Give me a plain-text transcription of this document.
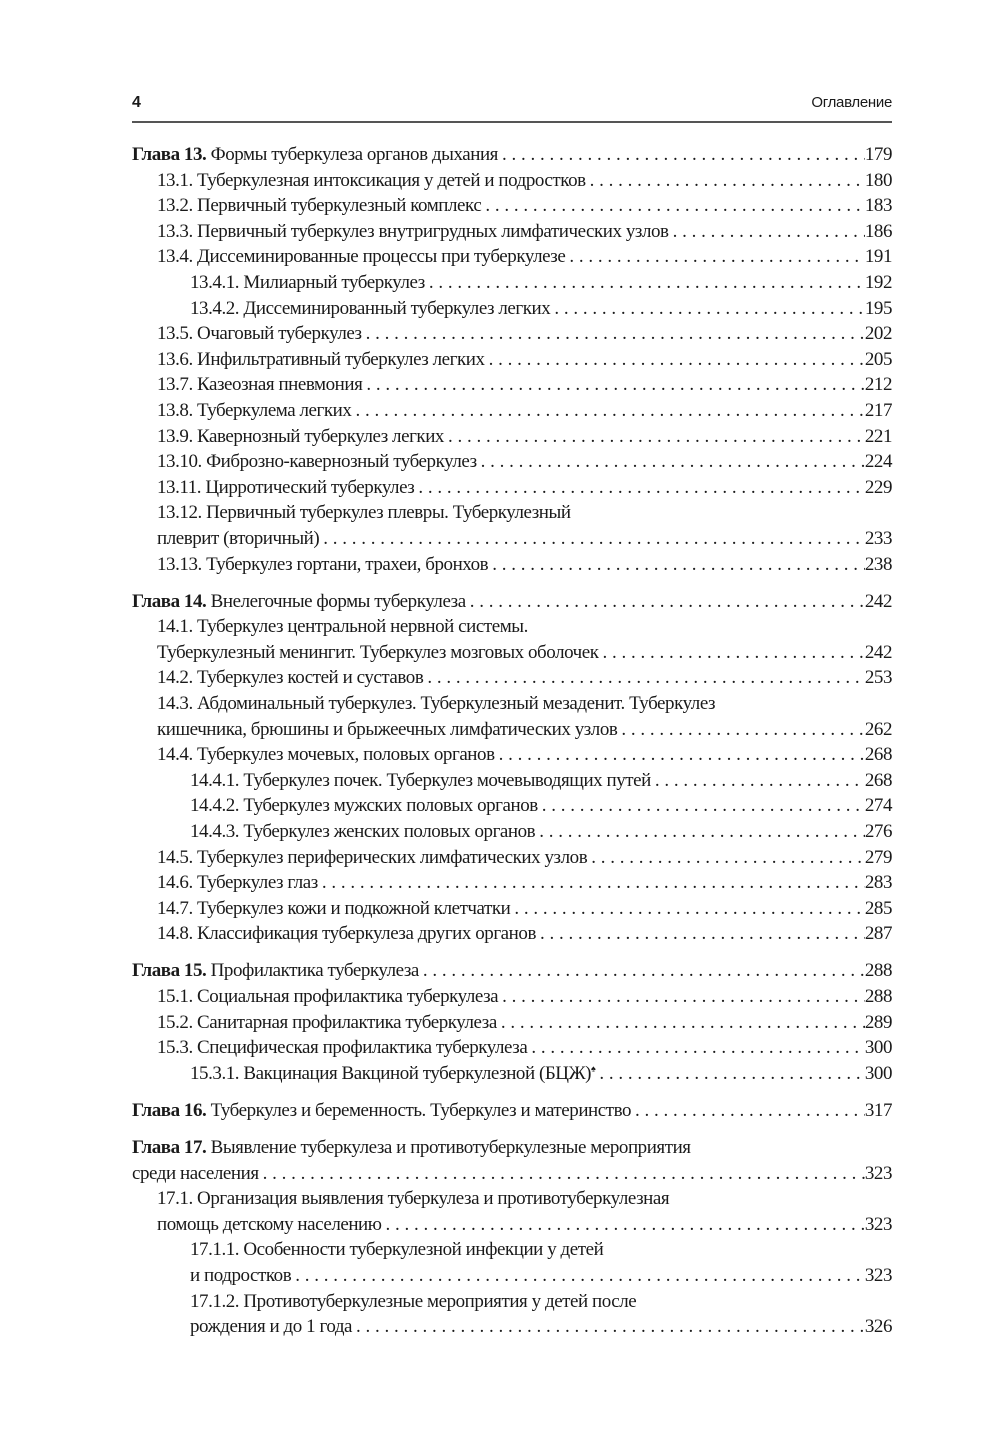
4	Оглавление
Глава 13. Формы туберкулеза органов дыхания . . .	179
13.1. Туберкулезная интоксикация у детей и подростков . . .	180
13.2. Первичный туберкулезный комплекс . . .	183
13.3. Первичный туберкулез внутригрудных лимфатических узлов . . .	186
13.4. Диссеминированные процессы при туберкулезе . . .	191
13.4.1. Милиарный туберкулез . . .	192
13.4.2. Диссеминированный туберкулез легких . . .	195
13.5. Очаговый туберкулез . . .	202
13.6. Инфильтративный туберкулез легких . . .	205
13.7. Казеозная пневмония . . .	212
13.8. Туберкулема легких . . .	217
13.9. Кавернозный туберкулез легких . . .	221
13.10. Фиброзно-кавернозный туберкулез . . .	224
13.11. Цирротический туберкулез . . .	229
13.12. Первичный туберкулез плевры. Туберкулезный
плеврит (вторичный) . . .	233
13.13. Туберкулез гортани, трахеи, бронхов . . .	238
Глава 14. Внелегочные формы туберкулеза . . .	242
14.1. Туберкулез центральной нервной системы.
Туберкулезный менингит. Туберкулез мозговых оболочек . . .	242
14.2. Туберкулез костей и суставов . . .	253
14.3. Абдоминальный туберкулез. Туберкулезный мезаденит. Туберкулез
кишечника, брюшины и брыжеечных лимфатических узлов . . .	262
14.4. Туберкулез мочевых, половых органов . . .	268
14.4.1. Туберкулез почек. Туберкулез мочевыводящих путей . . .	268
14.4.2. Туберкулез мужских половых органов . . .	274
14.4.3. Туберкулез женских половых органов . . .	276
14.5. Туберкулез периферических лимфатических узлов . . .	279
14.6. Туберкулез глаз . . .	283
14.7. Туберкулез кожи и подкожной клетчатки . . .	285
14.8. Классификация туберкулеза других органов . . .	287
Глава 15. Профилактика туберкулеза . . .	288
15.1. Социальная профилактика туберкулеза . . .	288
15.2. Санитарная профилактика туберкулеза . . .	289
15.3. Специфическая профилактика туберкулеза . . .	300
15.3.1. Вакцинация Вакциной туберкулезной (БЦЖ)♠ . . .	300
Глава 16. Туберкулез и беременность. Туберкулез и материнство . . .	317
Глава 17. Выявление туберкулеза и противотуберкулезные мероприятия
среди населения . . .	323
17.1. Организация выявления туберкулеза и противотуберкулезная
помощь детскому населению . . .	323
17.1.1. Особенности туберкулезной инфекции у детей
и подростков . . .	323
17.1.2. Противотуберкулезные мероприятия у детей после
рождения и до 1 года . . .	326
